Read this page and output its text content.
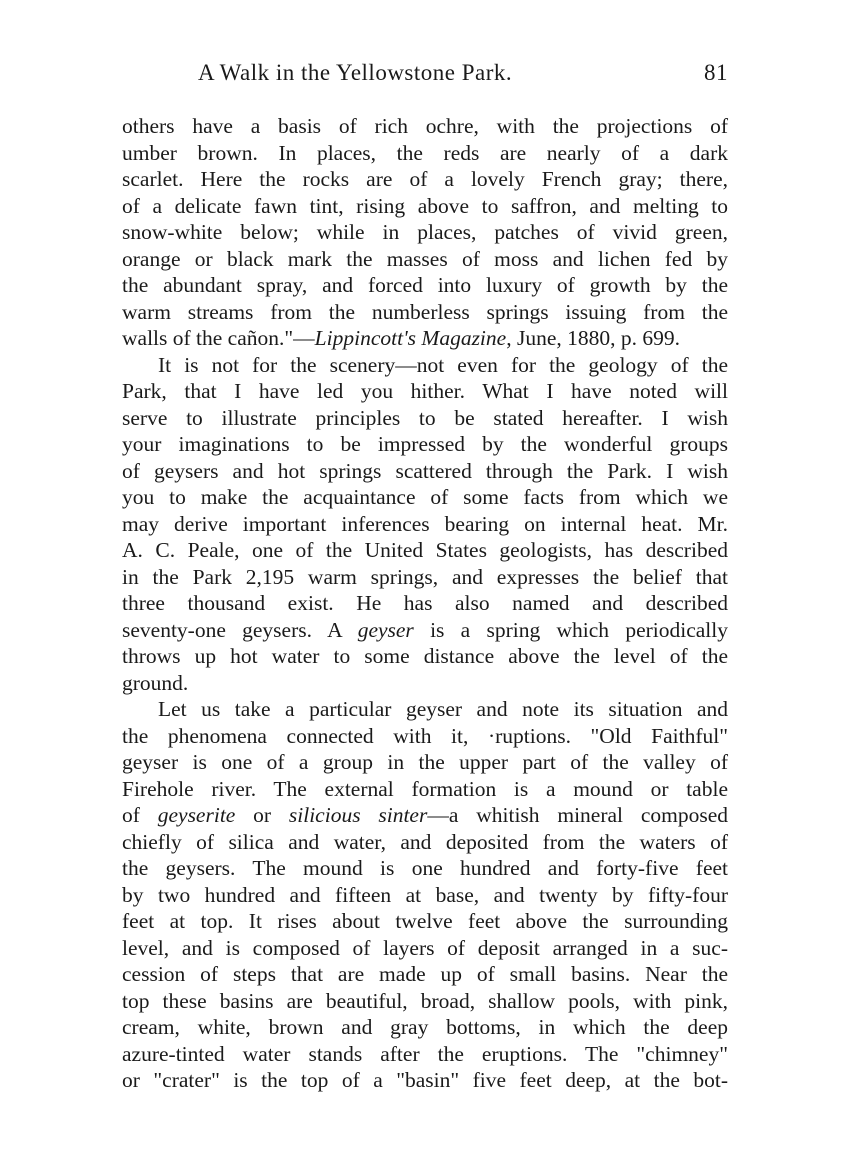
A Walk in the Yellowstone Park.	81
others have a basis of rich ochre, with the projections of
umber brown. In places, the reds are nearly of a dark
scarlet. Here the rocks are of a lovely French gray; there,
of a delicate fawn tint, rising above to saffron, and melting to
snow-white below; while in places, patches of vivid green,
orange or black mark the masses of moss and lichen fed by
the abundant spray, and forced into luxury of growth by the
warm streams from the numberless springs issuing from the
walls of the cañon."—Lippincott's Magazine, June, 1880, p. 699.
It is not for the scenery—not even for the geology of the
Park, that I have led you hither. What I have noted will
serve to illustrate principles to be stated hereafter. I wish
your imaginations to be impressed by the wonderful groups
of geysers and hot springs scattered through the Park. I wish
you to make the acquaintance of some facts from which we
may derive important inferences bearing on internal heat. Mr.
A. C. Peale, one of the United States geologists, has described
in the Park 2,195 warm springs, and expresses the belief that
three thousand exist. He has also named and described
seventy-one geysers. A geyser is a spring which periodically
throws up hot water to some distance above the level of the
ground.
Let us take a particular geyser and note its situation and
the phenomena connected with it, ·ruptions. "Old Faithful"
geyser is one of a group in the upper part of the valley of
Firehole river. The external formation is a mound or table
of geyserite or silicious sinter—a whitish mineral composed
chiefly of silica and water, and deposited from the waters of
the geysers. The mound is one hundred and forty-five feet
by two hundred and fifteen at base, and twenty by fifty-four
feet at top. It rises about twelve feet above the surrounding
level, and is composed of layers of deposit arranged in a suc-
cession of steps that are made up of small basins. Near the
top these basins are beautiful, broad, shallow pools, with pink,
cream, white, brown and gray bottoms, in which the deep
azure-tinted water stands after the eruptions. The "chimney"
or "crater" is the top of a "basin" five feet deep, at the bot-
